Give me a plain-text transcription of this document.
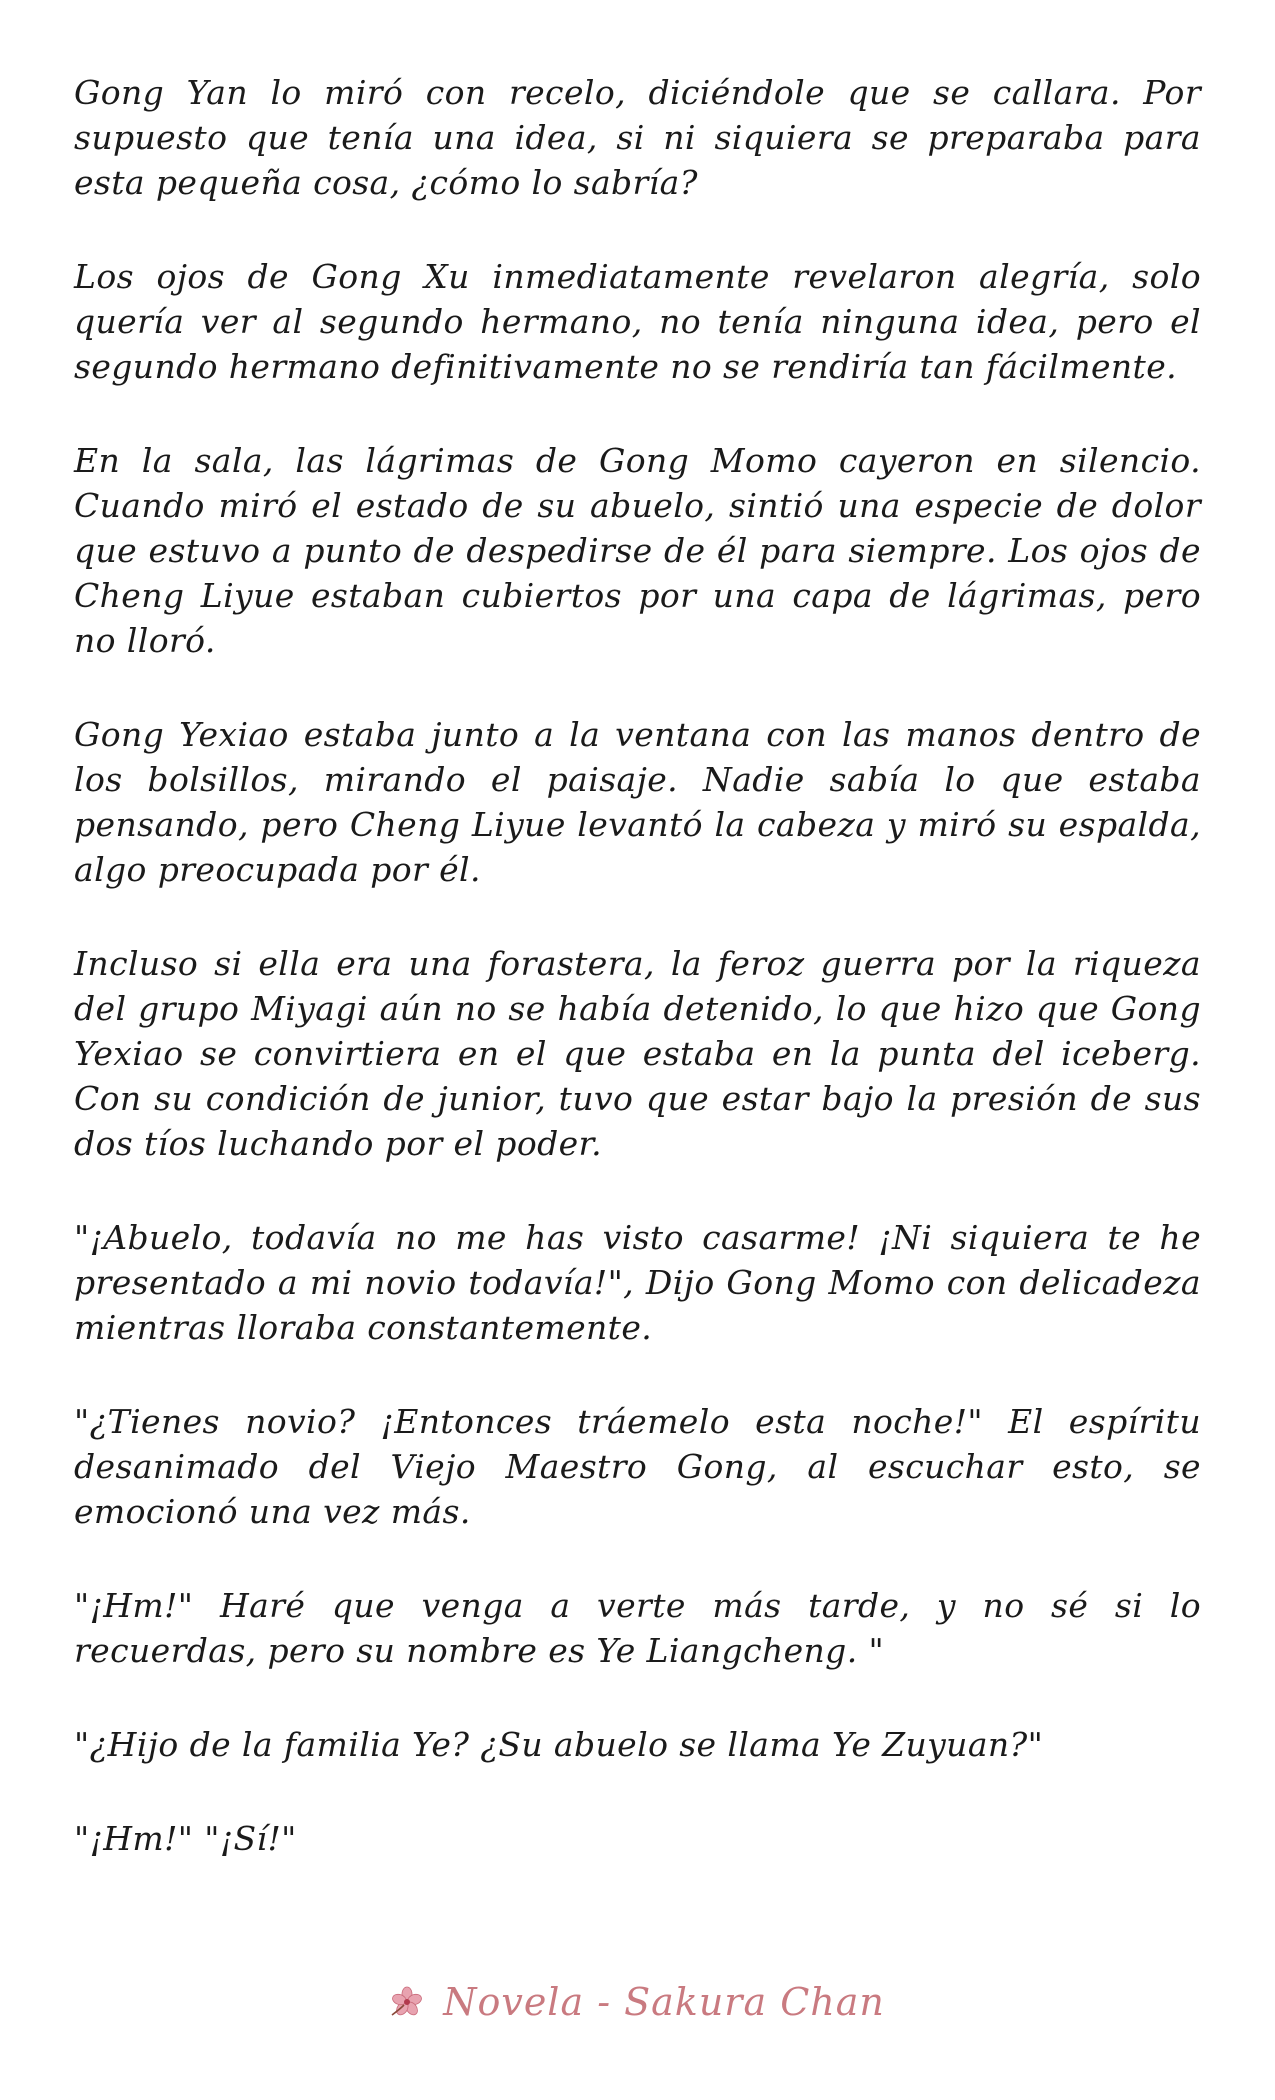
Gong Yan lo miró con recelo, diciéndole que se callara. Por supuesto que tenía una idea, si ni siquiera se preparaba para esta pequeña cosa, ¿cómo lo sabría?

Los ojos de Gong Xu inmediatamente revelaron alegría, solo quería ver al segundo hermano, no tenía ninguna idea, pero el segundo hermano definitivamente no se rendiría tan fácilmente.

En la sala, las lágrimas de Gong Momo cayeron en silencio. Cuando miró el estado de su abuelo, sintió una especie de dolor que estuvo a punto de despedirse de él para siempre. Los ojos de Cheng Liyue estaban cubiertos por una capa de lágrimas, pero no lloró.

Gong Yexiao estaba junto a la ventana con las manos dentro de los bolsillos, mirando el paisaje. Nadie sabía lo que estaba pensando, pero Cheng Liyue levantó la cabeza y miró su espalda, algo preocupada por él.

Incluso si ella era una forastera, la feroz guerra por la riqueza del grupo Miyagi aún no se había detenido, lo que hizo que Gong Yexiao se convirtiera en el que estaba en la punta del iceberg. Con su condición de junior, tuvo que estar bajo la presión de sus dos tíos luchando por el poder.

"¡Abuelo, todavía no me has visto casarme! ¡Ni siquiera te he presentado a mi novio todavía!", Dijo Gong Momo con delicadeza mientras lloraba constantemente.

"¿Tienes novio? ¡Entonces tráemelo esta noche!" El espíritu desanimado del Viejo Maestro Gong, al escuchar esto, se emocionó una vez más.

"¡Hm!" Haré que venga a verte más tarde, y no sé si lo recuerdas, pero su nombre es Ye Liangcheng. "

"¿Hijo de la familia Ye? ¿Su abuelo se llama Ye Zuyuan?"

"¡Hm!" "¡Sí!"

Novela - Sakura Chan
